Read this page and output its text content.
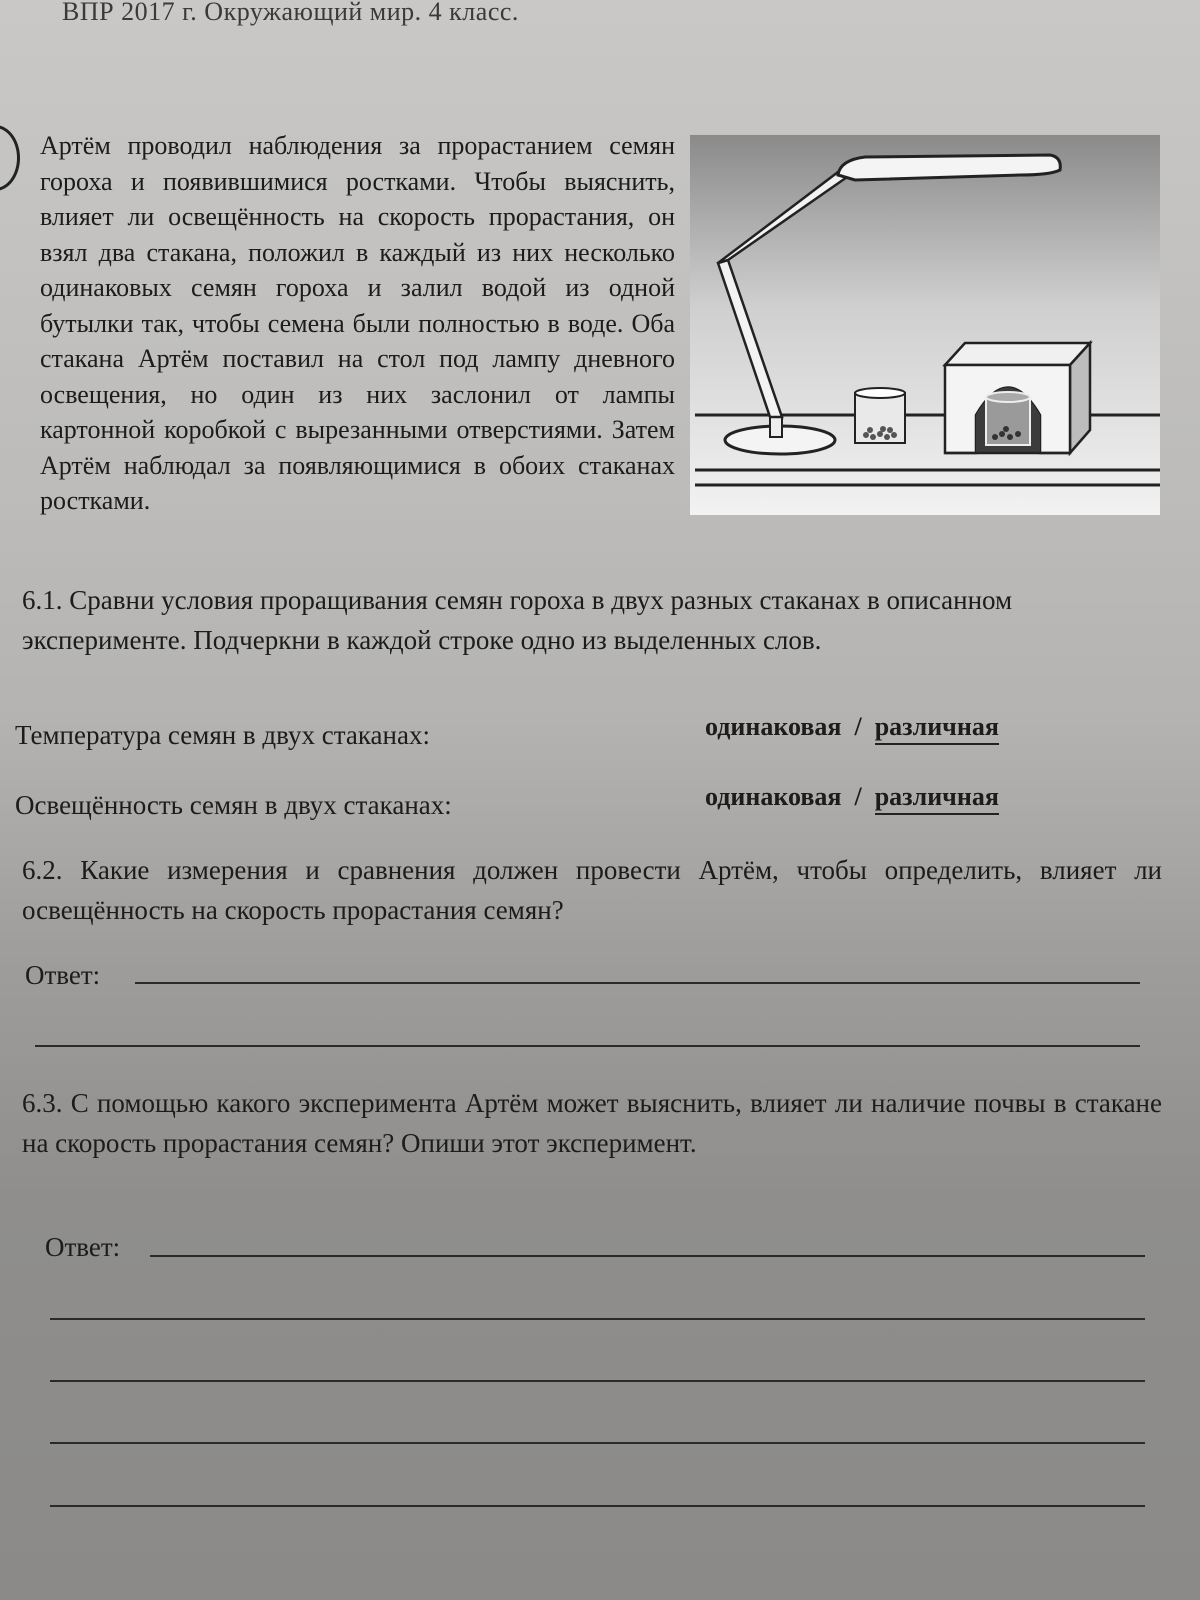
ВПР 2017 г. Окружающий мир. 4 класс.
Артём проводил наблюдения за прорастанием семян гороха и появившимися ростками. Чтобы выяснить, влияет ли освещённость на скорость прорастания, он взял два стакана, положил в каждый из них несколько одинаковых семян гороха и залил водой из одной бутылки так, чтобы семена были полностью в воде. Оба стакана Артём поставил на стол под лампу дневного освещения, но один из них заслонил от лампы картонной коробкой с вырезанными отверстиями. Затем Артём наблюдал за появляющимися в обоих стаканах ростками.
6.1. Сравни условия проращивания семян гороха в двух разных стаканах в описанном эксперименте. Подчеркни в каждой строке одно из выделенных слов.
Температура семян в двух стаканах:	одинаковая / различная
Освещённость семян в двух стаканах:	одинаковая / различная
6.2. Какие измерения и сравнения должен провести Артём, чтобы определить, влияет ли освещённость на скорость прорастания семян?
Ответ:
6.3. С помощью какого эксперимента Артём может выяснить, влияет ли наличие почвы в стакане на скорость прорастания семян? Опиши этот эксперимент.
Ответ:
